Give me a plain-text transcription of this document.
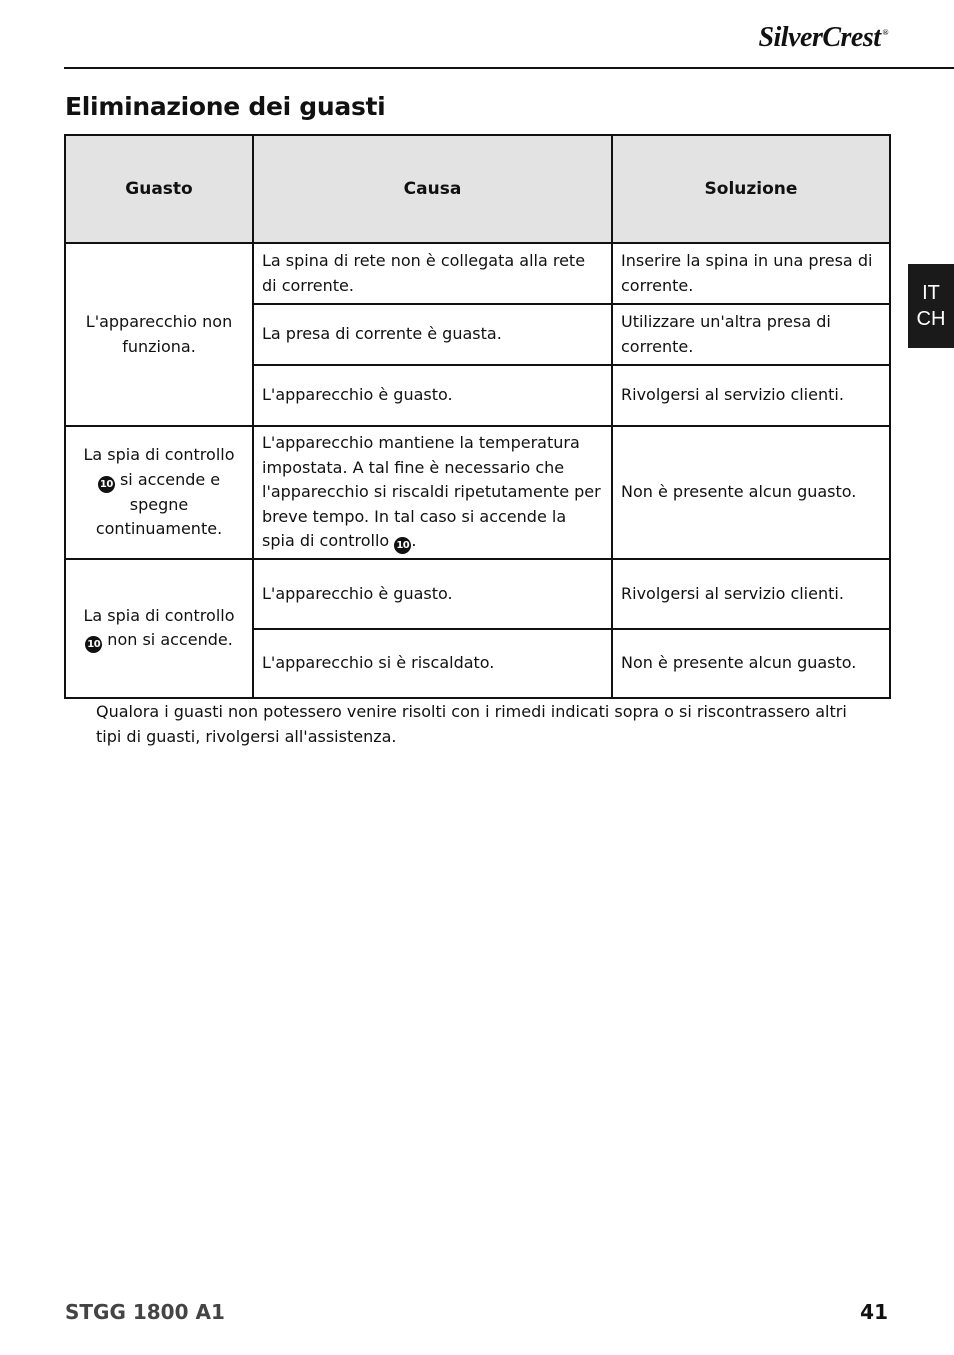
SilverCrest ®
Eliminazione dei guasti
IT
CH
Guasto	Causa	Soluzione
L'apparecchio non funziona.	La spina di rete non è collegata alla rete di corrente.	Inserire la spina in una presa di corrente.
	La presa di corrente è guasta.	Utilizzare un'altra presa di corrente.
	L'apparecchio è guasto.	Rivolgersi al servizio clienti.
La spia di controllo 10 si accende e spegne continuamente.	L'apparecchio mantiene la temperatura impostata. A tal fine è necessario che l'apparecchio si riscaldi ripetutamente per breve tempo. In tal caso si accende la spia di controllo 10 .	Non è presente alcun guasto.
La spia di controllo 10 non si accende.	L'apparecchio è guasto.	Rivolgersi al servizio clienti.
	L'apparecchio si è riscaldato.	Non è presente alcun guasto.

Qualora i guasti non potessero venire risolti con i rimedi indicati sopra o si riscontrassero altri tipi di guasti, rivolgersi all'assistenza.

STGG 1800 A1	41
